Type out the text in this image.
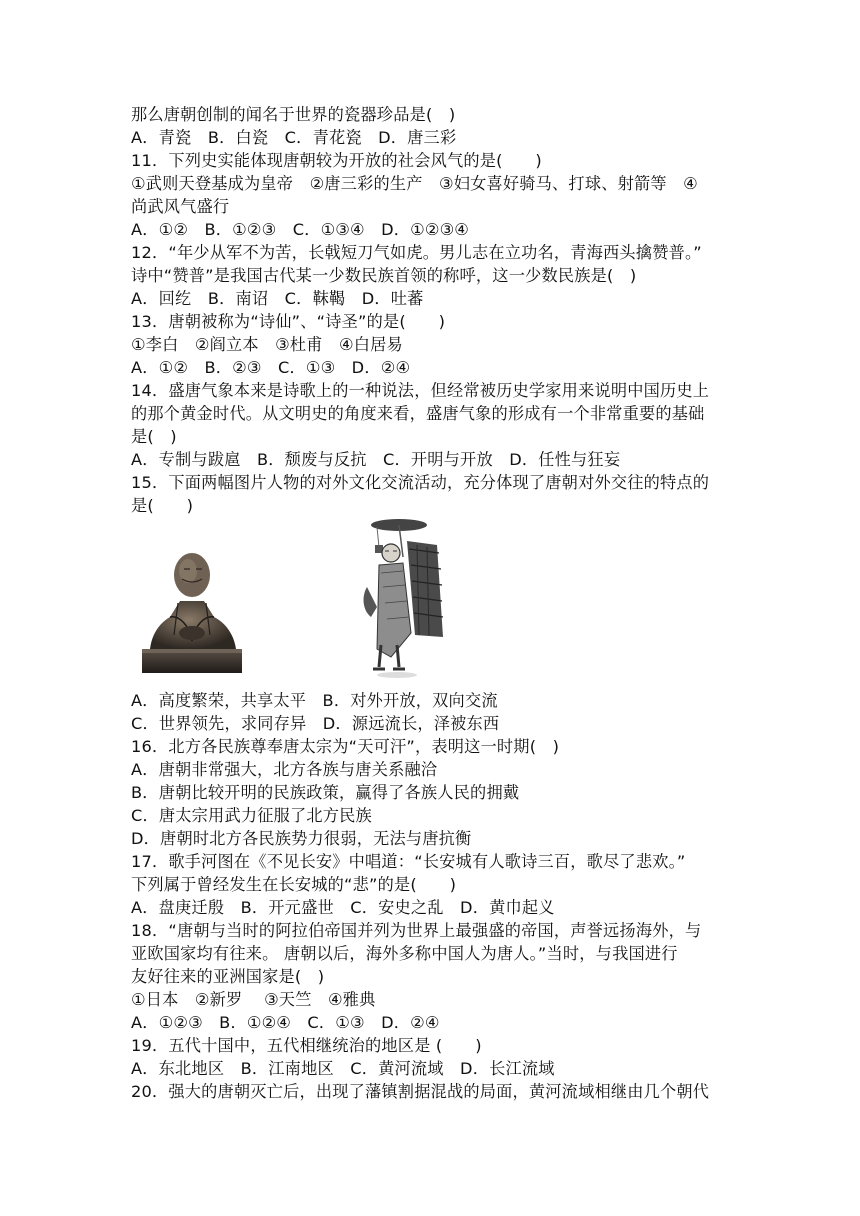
那么唐朝创制的闻名于世界的瓷器珍品是(　)
A．青瓷　B．白瓷　C．青花瓷　D．唐三彩
11．下列史实能体现唐朝较为开放的社会风气的是(　　)
①武则天登基成为皇帝　②唐三彩的生产　③妇女喜好骑马、打球、射箭等　④
尚武风气盛行
A．①②　B．①②③　C．①③④　D．①②③④
12．“年少从军不为苦，长戟短刀气如虎。男儿志在立功名，青海西头擒赞普。”
诗中“赞普”是我国古代某一少数民族首领的称呼，这一少数民族是(　)
A．回纥　B．南诏　C．靺鞨　D．吐蕃
13．唐朝被称为“诗仙”、“诗圣”的是(　　)
①李白　②阎立本　③杜甫　④白居易
A．①②　B．②③　C．①③　D．②④
14．盛唐气象本来是诗歌上的一种说法，但经常被历史学家用来说明中国历史上
的那个黄金时代。从文明史的角度来看，盛唐气象的形成有一个非常重要的基础
是(　)
A．专制与跋扈　B．颓废与反抗　C．开明与开放　D．任性与狂妄
15．下面两幅图片人物的对外文化交流活动，充分体现了唐朝对外交往的特点的
是(　　)
A．高度繁荣，共享太平　B．对外开放，双向交流
C．世界领先，求同存异　D．源远流长，泽被东西
16．北方各民族尊奉唐太宗为“天可汗”，表明这一时期(　)
A．唐朝非常强大，北方各族与唐关系融洽
B．唐朝比较开明的民族政策，赢得了各族人民的拥戴
C．唐太宗用武力征服了北方民族
D．唐朝时北方各民族势力很弱，无法与唐抗衡
17．歌手河图在《不见长安》中唱道：“长安城有人歌诗三百，歌尽了悲欢。”
下列属于曾经发生在长安城的“悲”的是(　　)
A．盘庚迁殷　B．开元盛世　C．安史之乱　D．黄巾起义
18．“唐朝与当时的阿拉伯帝国并列为世界上最强盛的帝国，声誉远扬海外，与
亚欧国家均有往来。 唐朝以后，海外多称中国人为唐人。”当时，与我国进行
友好往来的亚洲国家是(　)
①日本　②新罗 　③天竺　④雅典
A．①②③　B．①②④　C．①③　D．②④
19．五代十国中，五代相继统治的地区是 (　　)
A．东北地区　B．江南地区　C．黄河流域　D．长江流域
20．强大的唐朝灭亡后，出现了藩镇割据混战的局面，黄河流域相继由几个朝代
